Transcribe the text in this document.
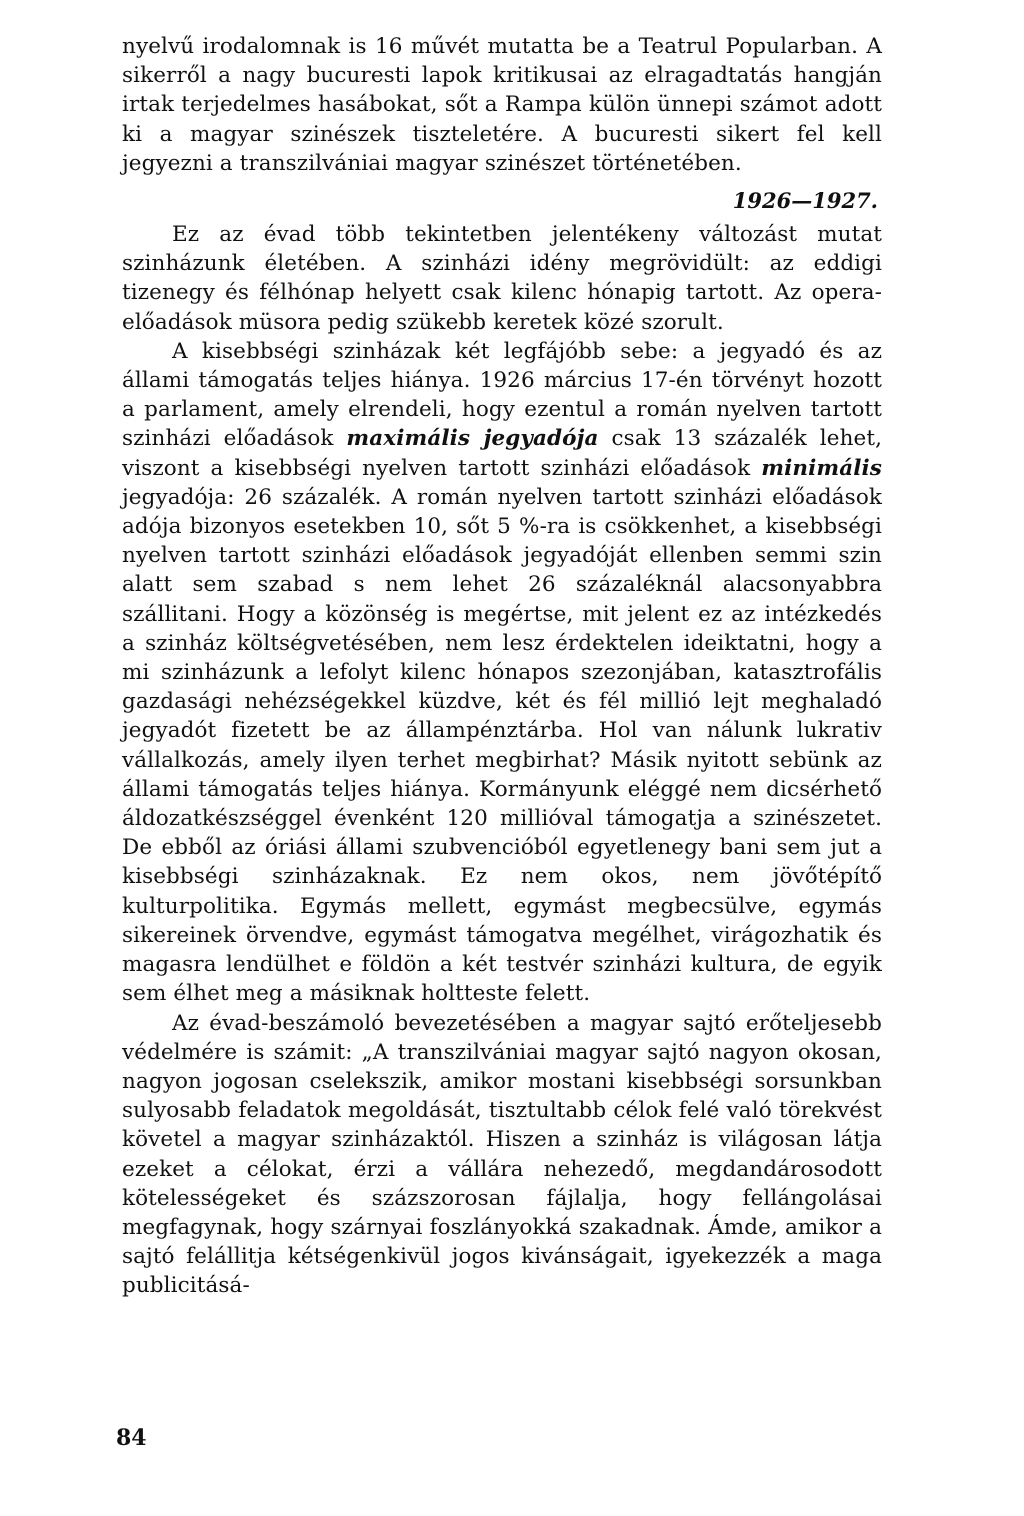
nyelvű irodalomnak is 16 művét mutatta be a Teatrul Popularban. A sikerről a nagy bucuresti lapok kritikusai az elragadtatás hangján irtak terjedelmes hasábokat, sőt a Rampa külön ünnepi számot adott ki a magyar szinészek tiszteletére. A bucuresti sikert fel kell jegyezni a transzilvániai magyar szinészet történetében.

1926—1927.

Ez az évad több tekintetben jelentékeny változást mutat szinházunk életében. A szinházi idény megrövidült: az eddigi tizenegy és félhónap helyett csak kilenc hónapig tartott. Az opera-előadások müsora pedig szükebb keretek közé szorult.

A kisebbségi szinházak két legfájóbb sebe: a jegyadó és az állami támogatás teljes hiánya. 1926 március 17-én törvényt hozott a parlament, amely elrendeli, hogy ezentul a román nyelven tartott szinházi előadások maximális jegyadója csak 13 százalék lehet, viszont a kisebbségi nyelven tartott szinházi előadások minimális jegyadója: 26 százalék. A román nyelven tartott szinházi előadások adója bizonyos esetekben 10, sőt 5 %-ra is csökkenhet, a kisebbségi nyelven tartott szinházi előadások jegyadóját ellenben semmi szin alatt sem szabad s nem lehet 26 százaléknál alacsonyabbra szállitani. Hogy a közönség is megértse, mit jelent ez az intézkedés a szinház költségvetésében, nem lesz érdektelen ideiktatni, hogy a mi szinházunk a lefolyt kilenc hónapos szezonjában, katasztrofális gazdasági nehézségekkel küzdve, két és fél millió lejt meghaladó jegyadót fizetett be az állampénztárba. Hol van nálunk lukrativ vállalkozás, amely ilyen terhet megbirhat? Másik nyitott sebünk az állami támogatás teljes hiánya. Kormányunk eléggé nem dicsérhető áldozatkészséggel évenként 120 millióval támogatja a szinészetet. De ebből az óriási állami szubvencióból egyetlenegy bani sem jut a kisebbségi szinházaknak. Ez nem okos, nem jövőtépítő kulturpolitika. Egymás mellett, egymást megbecsülve, egymás sikereinek örvendve, egymást támogatva megélhet, virágozhatik és magasra lendülhet e földön a két testvér szinházi kultura, de egyik sem élhet meg a másiknak holtteste felett.

Az évad-beszámoló bevezetésében a magyar sajtó erőteljesebb védelmére is számit: „A transzilvániai magyar sajtó nagyon okosan, nagyon jogosan cselekszik, amikor mostani kisebbségi sorsunkban sulyosabb feladatok megoldását, tisztultabb célok felé való törekvést követel a magyar szinházaktól. Hiszen a szinház is világosan látja ezeket a célokat, érzi a vállára nehezedő, megdandárosodott kötelességeket és százszorosan fájlalja, hogy fellángolásai megfagynak, hogy szárnyai foszlányokká szakadnak. Ámde, amikor a sajtó felállitja kétségenkivül jogos kivánságait, igyekezzék a maga publicitásá-

84
